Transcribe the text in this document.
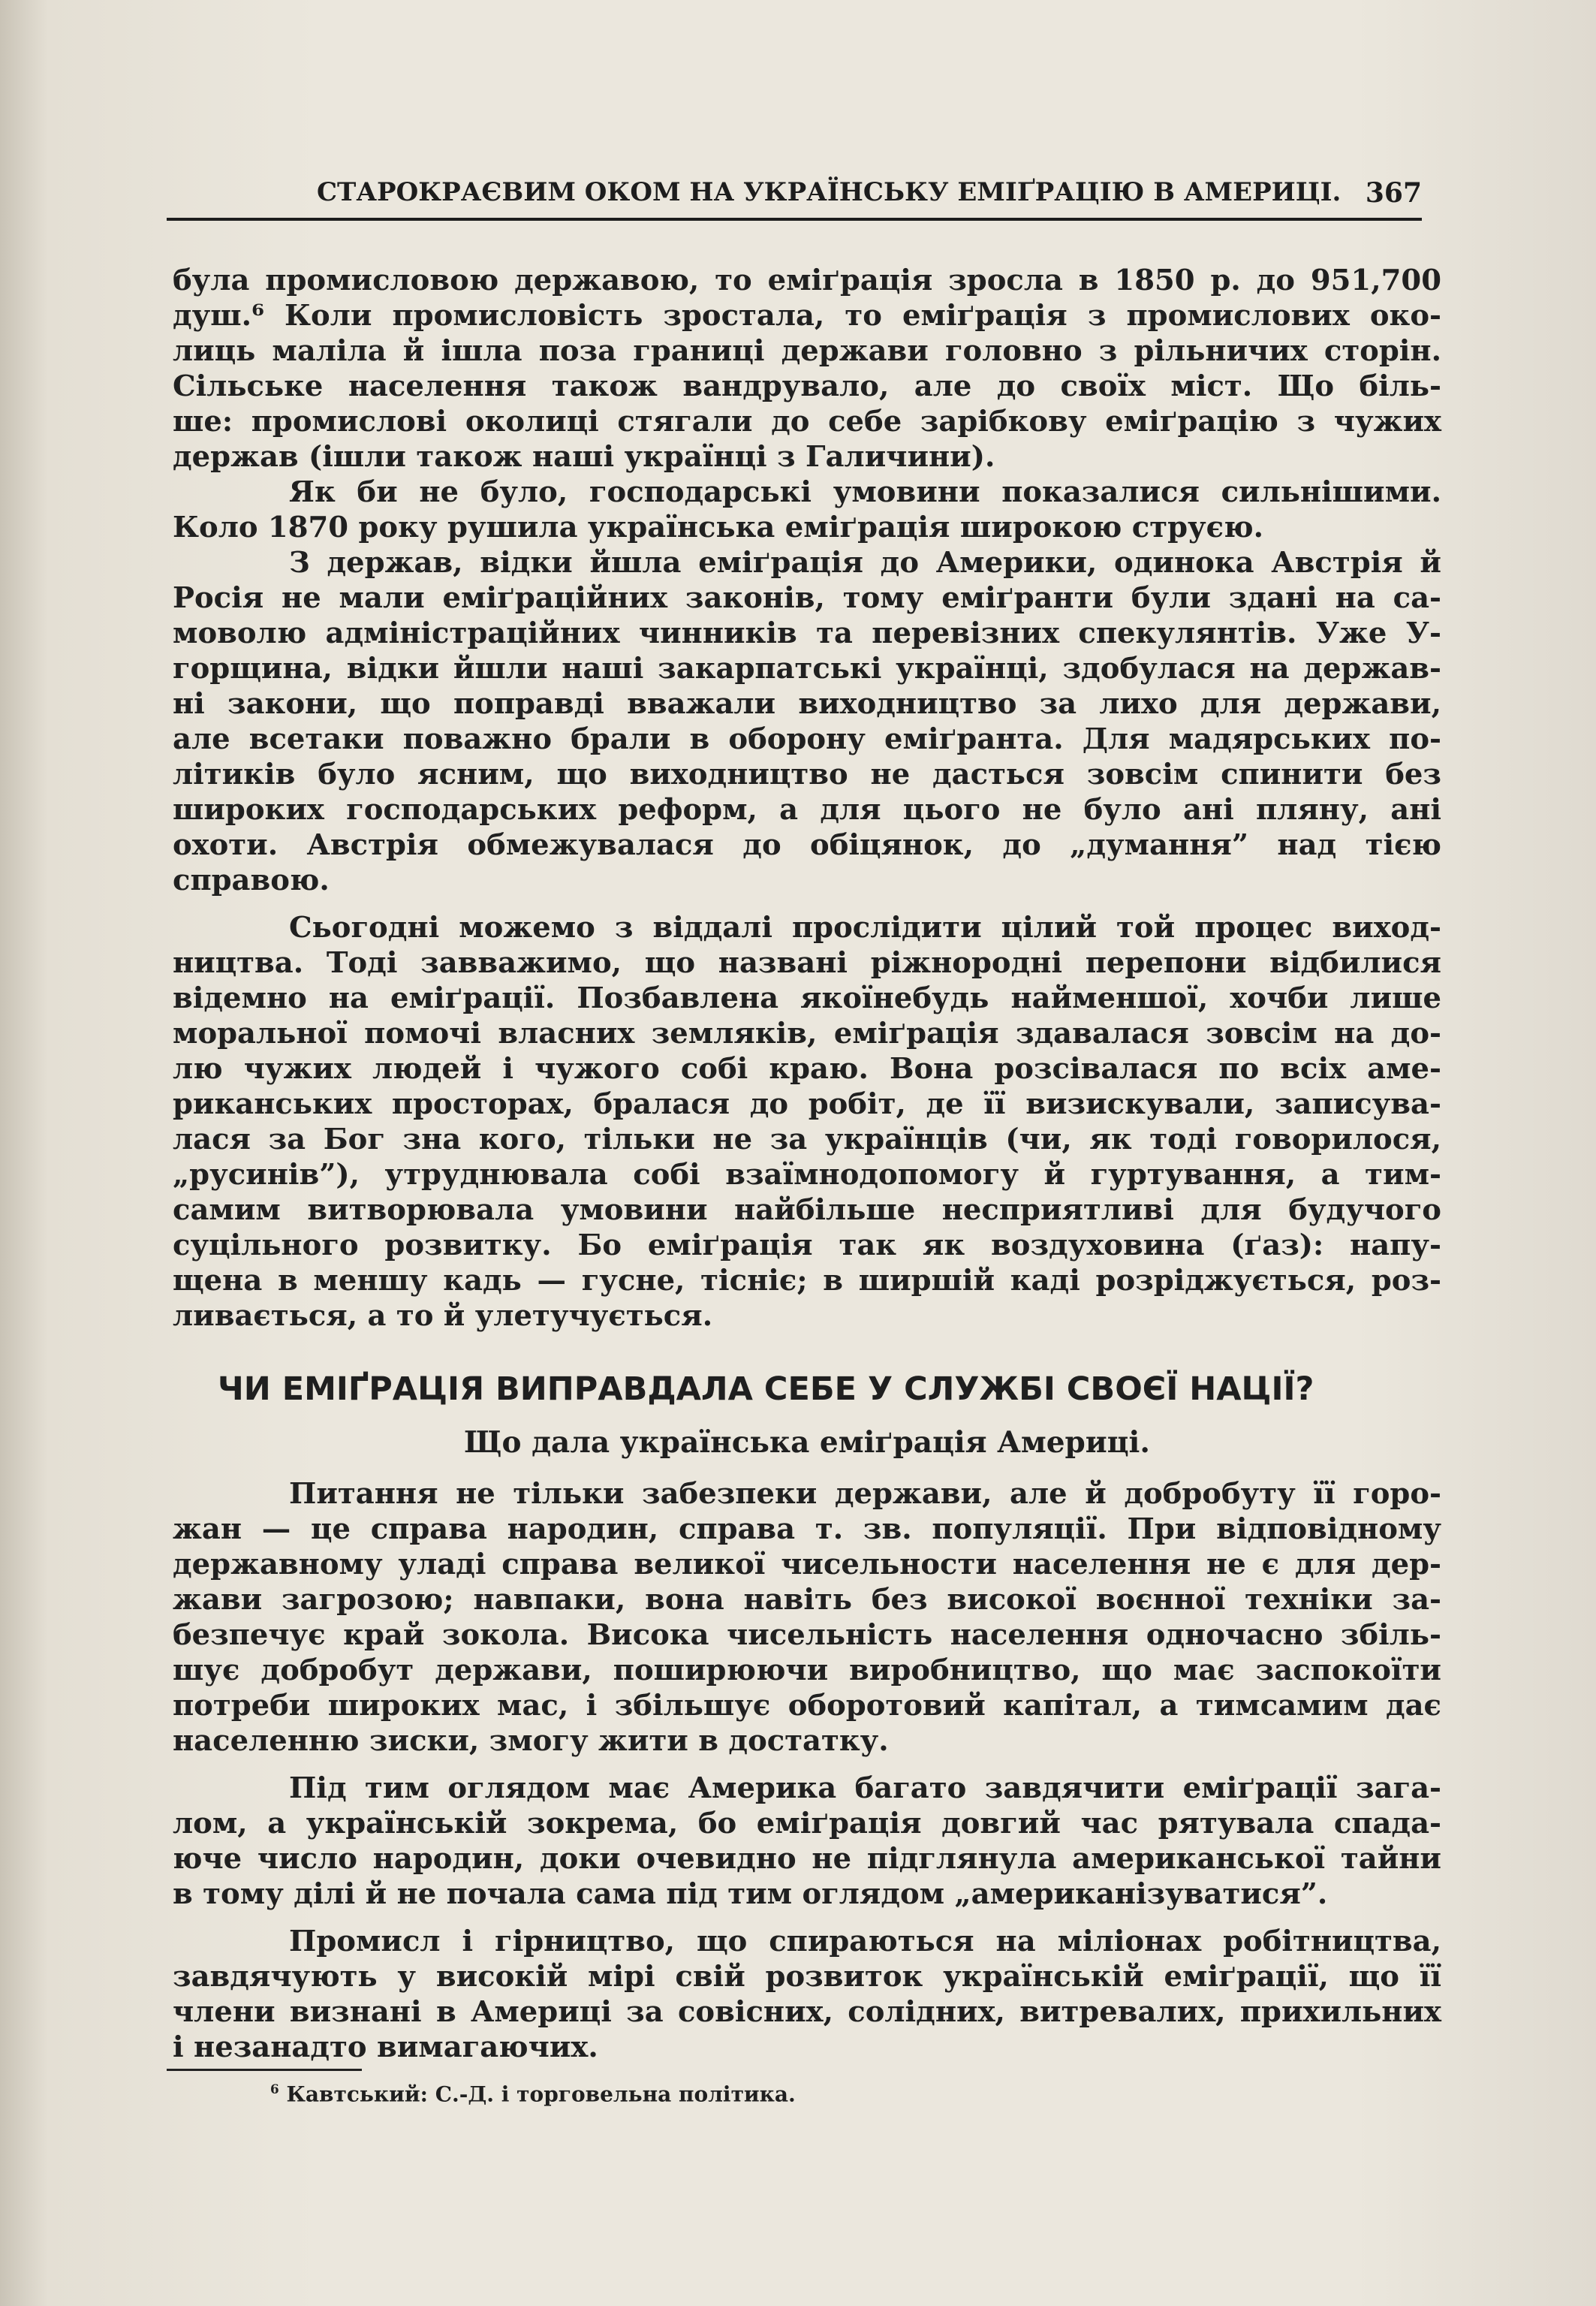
СТАРОКРАЄВИМ ОКОМ НА УКРАЇНСЬКУ ЕМІҐРАЦІЮ В АМЕРИЦІ. 367
була промисловою державою, то еміґрація зросла в 1850 р. до 951,700
душ.⁶ Коли промисловість зростала, то еміґрація з промислових око-
лиць маліла й ішла поза границі держави головно з рільничих сторін.
Сільське населення також вандрувало, але до своїх міст. Що біль-
ше: промислові околиці стягали до себе зарібкову еміґрацію з чужих
держав (ішли також наші українці з Галичини).
Як би не було, господарські умовини показалися сильнішими.
Коло 1870 року рушила українська еміґрація широкою струєю.
З держав, відки йшла еміґрація до Америки, одинока Австрія й
Росія не мали еміґраційних законів, тому еміґранти були здані на са-
моволю адміністраційних чинників та перевізних спекулянтів. Уже У-
горщина, відки йшли наші закарпатські українці, здобулася на держав-
ні закони, що поправді вважали виходництво за лихо для держави,
але всетаки поважно брали в оборону еміґранта. Для мадярських по-
літиків було ясним, що виходництво не дасться зовсім спинити без
широких господарських реформ, а для цього не було ані пляну, ані
охоти. Австрія обмежувалася до обіцянок, до „думання” над тією
справою.
Сьогодні можемо з віддалі прослідити цілий той процес виход-
ництва. Тоді завважимо, що названі ріжнородні перепони відбилися
відемно на еміґрації. Позбавлена якоїнебудь найменшої, хочби лише
моральної помочі власних земляків, еміґрація здавалася зовсім на до-
лю чужих людей і чужого собі краю. Вона розсівалася по всіх аме-
риканських просторах, бралася до робіт, де її визискували, записува-
лася за Бог зна кого, тільки не за українців (чи, як тоді говорилося,
„русинів”), утруднювала собі взаїмнодопомогу й гуртування, а тим-
самим витворювала умовини найбільше несприятливі для будучого
суцільного розвитку. Бо еміґрація так як воздуховина (ґаз): напу-
щена в меншу кадь — гусне, тісніє; в ширшій каді розріджується, роз-
ливається, а то й улетучується.
ЧИ ЕМІҐРАЦІЯ ВИПРАВДАЛА СЕБЕ У СЛУЖБІ СВОЄЇ НАЦІЇ?
Що дала українська еміґрація Америці.
Питання не тільки забезпеки держави, але й добробуту її горо-
жан — це справа народин, справа т. зв. популяції. При відповідному
державному уладі справа великої чисельности населення не є для дер-
жави загрозою; навпаки, вона навіть без високої воєнної техніки за-
безпечує край зокола. Висока чисельність населення одночасно збіль-
шує добробут держави, поширюючи виробництво, що має заспокоїти
потреби широких мас, і збільшує оборотовий капітал, а тимсамим дає
населенню зиски, змогу жити в достатку.
Під тим оглядом має Америка багато завдячити еміґрації зага-
лом, а українській зокрема, бо еміґрація довгий час рятувала спада-
юче число народин, доки очевидно не підглянула американської тайни
в тому ділі й не почала сама під тим оглядом „американізуватися”.
Промисл і гірництво, що спираються на міліонах робітництва,
завдячують у високій мірі свій розвиток українській еміґрації, що її
члени визнані в Америці за совісних, солідних, витревалих, прихильних
і незанадто вимагаючих.
$^6$ Кавтський: С.-Д. і торговельна політика.
